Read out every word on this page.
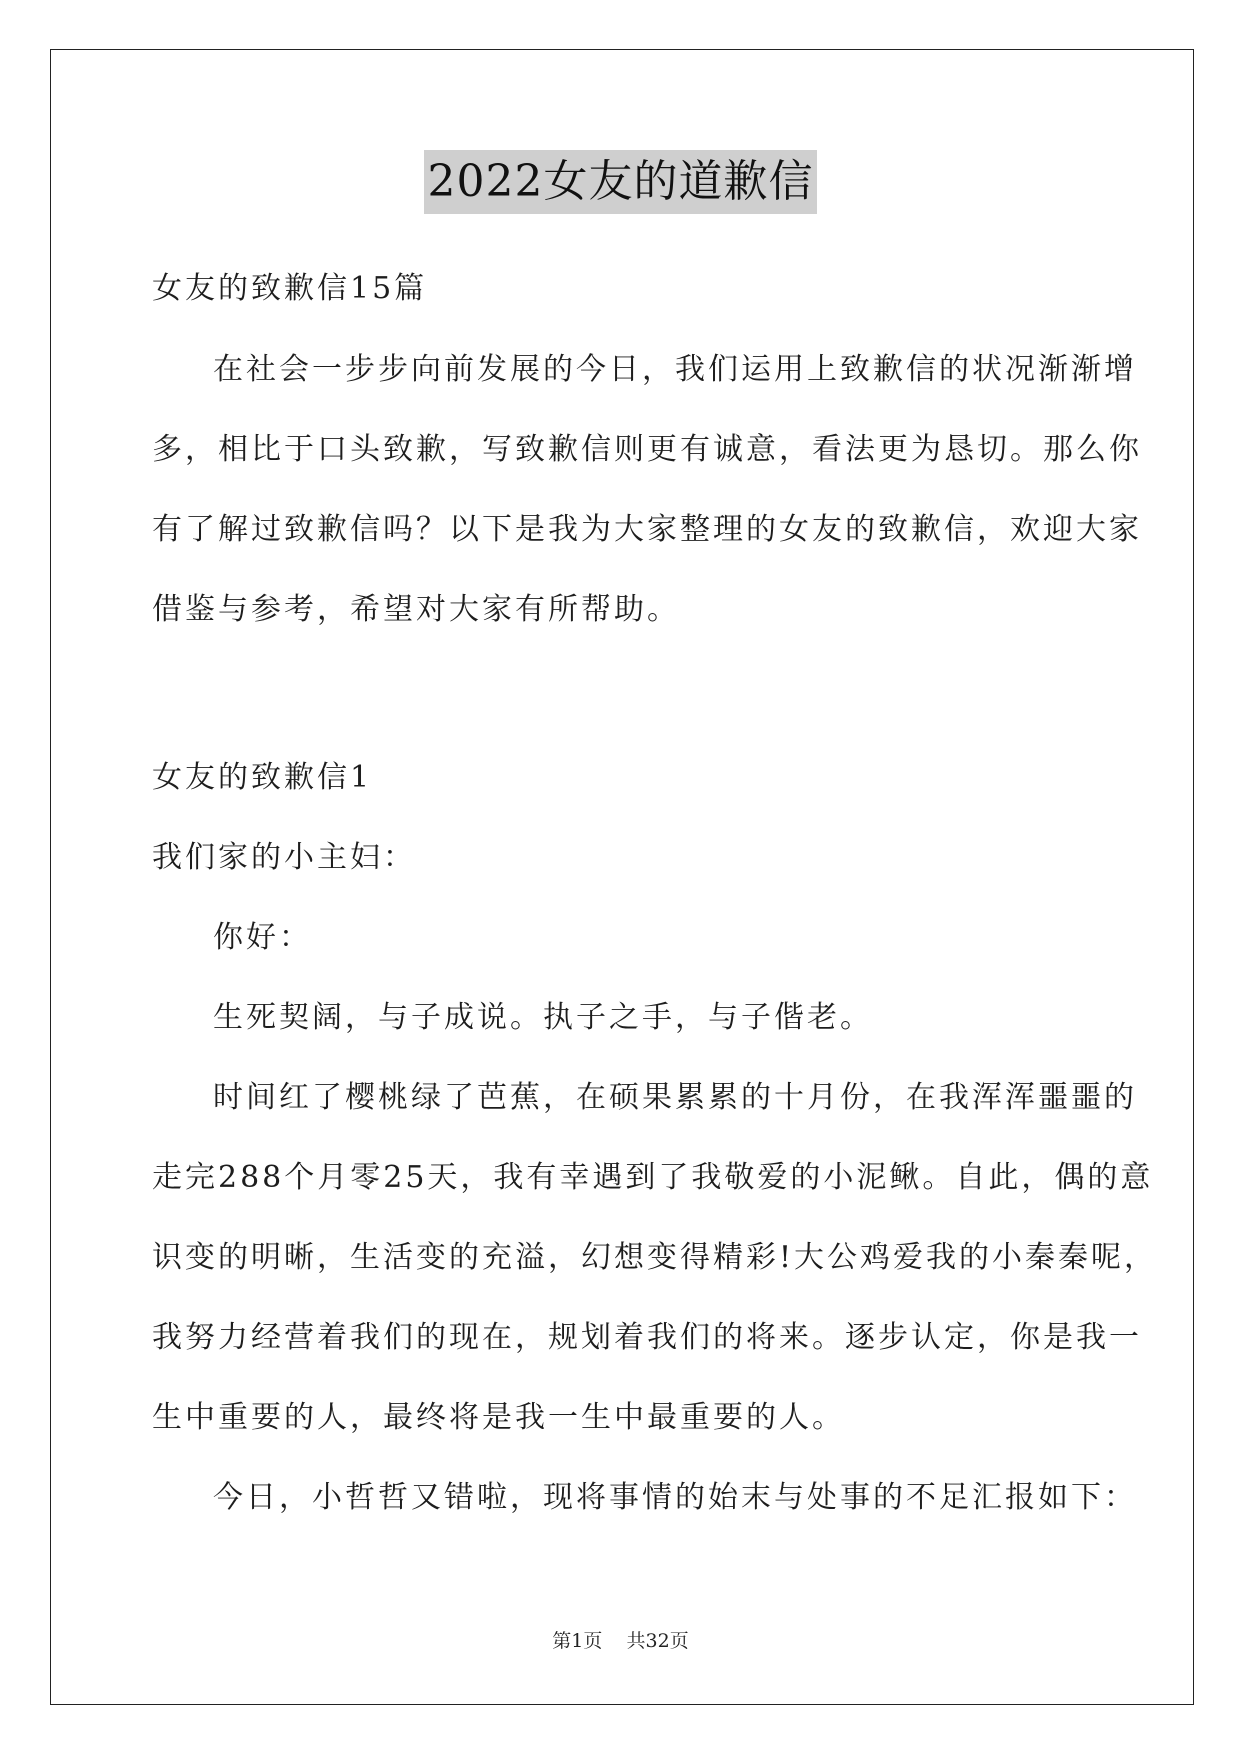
2022女友的道歉信
女友的致歉信15篇
在社会一步步向前发展的今日，我们运用上致歉信的状况渐渐增
多，相比于口头致歉，写致歉信则更有诚意，看法更为恳切。那么你
有了解过致歉信吗？以下是我为大家整理的女友的致歉信，欢迎大家
借鉴与参考，希望对大家有所帮助。
女友的致歉信1
我们家的小主妇：
你好：
生死契阔，与子成说。执子之手，与子偕老。
时间红了樱桃绿了芭蕉，在硕果累累的十月份，在我浑浑噩噩的
走完288个月零25天，我有幸遇到了我敬爱的小泥鳅。自此，偶的意
识变的明晰，生活变的充溢，幻想变得精彩!大公鸡爱我的小秦秦呢，
我努力经营着我们的现在，规划着我们的将来。逐步认定，你是我一
生中重要的人，最终将是我一生中最重要的人。
今日，小哲哲又错啦，现将事情的始末与处事的不足汇报如下：
第1页 共32页
